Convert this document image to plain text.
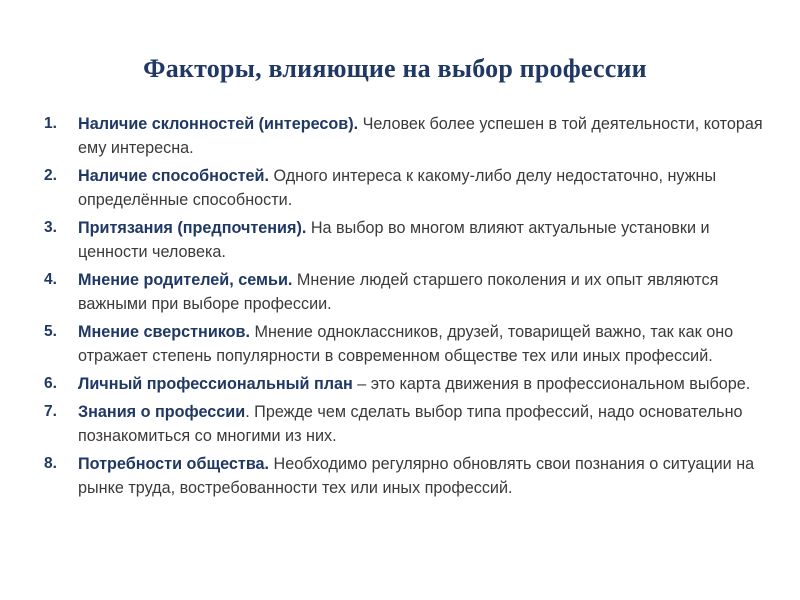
Факторы, влияющие на выбор профессии
1. Наличие склонностей (интересов). Человек более успешен в той деятельности, которая ему интересна.
2. Наличие способностей. Одного интереса к какому-либо делу недостаточно, нужны определённые способности.
3. Притязания (предпочтения). На выбор во многом влияют актуальные установки и ценности человека.
4. Мнение родителей, семьи. Мнение людей старшего поколения и их опыт являются важными при выборе профессии.
5. Мнение сверстников. Мнение одноклассников, друзей, товарищей важно, так как оно отражает степень популярности в современном обществе тех или иных профессий.
6. Личный профессиональный план – это карта движения в профессиональном выборе.
7. Знания о профессии. Прежде чем сделать выбор типа профессий, надо основательно познакомиться со многими из них.
8. Потребности общества. Необходимо регулярно обновлять свои познания о ситуации на рынке труда, востребованности тех или иных профессий.
